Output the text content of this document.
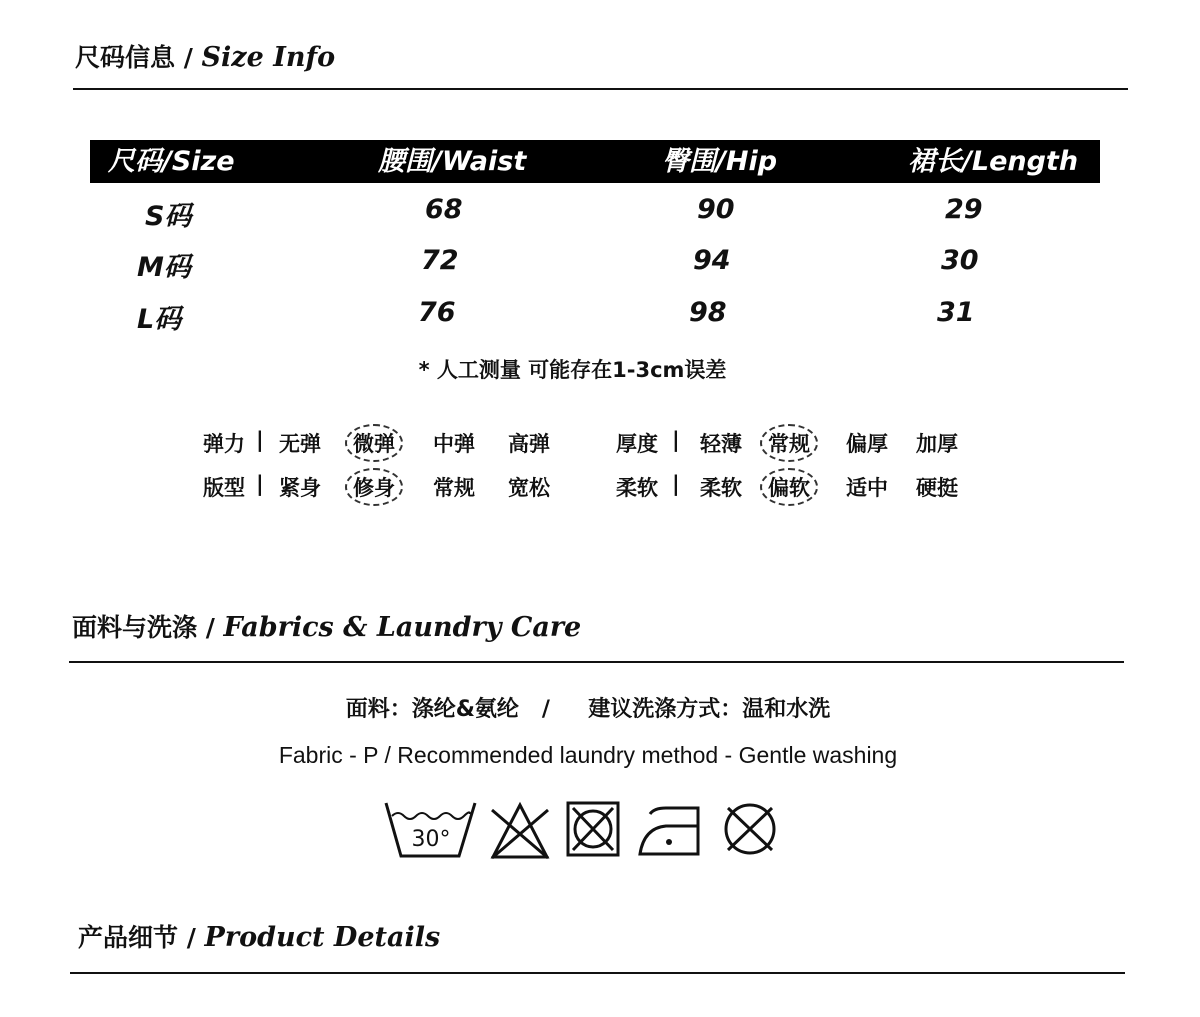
尺码信息 / Size Info
尺码/Size	腰围/Waist	臀围/Hip	裙长/Length
S码	68	90	29
M码	72	94	30
L码	76	98	31
* 人工测量 可能存在1-3cm误差
弹力 | 无弹	微弹	中弹 高弹	厚度 | 轻薄	常规	偏厚 加厚
版型 | 紧身	修身	常规 宽松	柔软 | 柔软	偏软	适中 硬挺
面料与洗涤 / Fabrics & Laundry Care
面料：涤纶&氨纶   /     建议洗涤方式：温和水洗
Fabric - P / Recommended laundry method - Gentle washing
30°
产品细节 / Product Details
